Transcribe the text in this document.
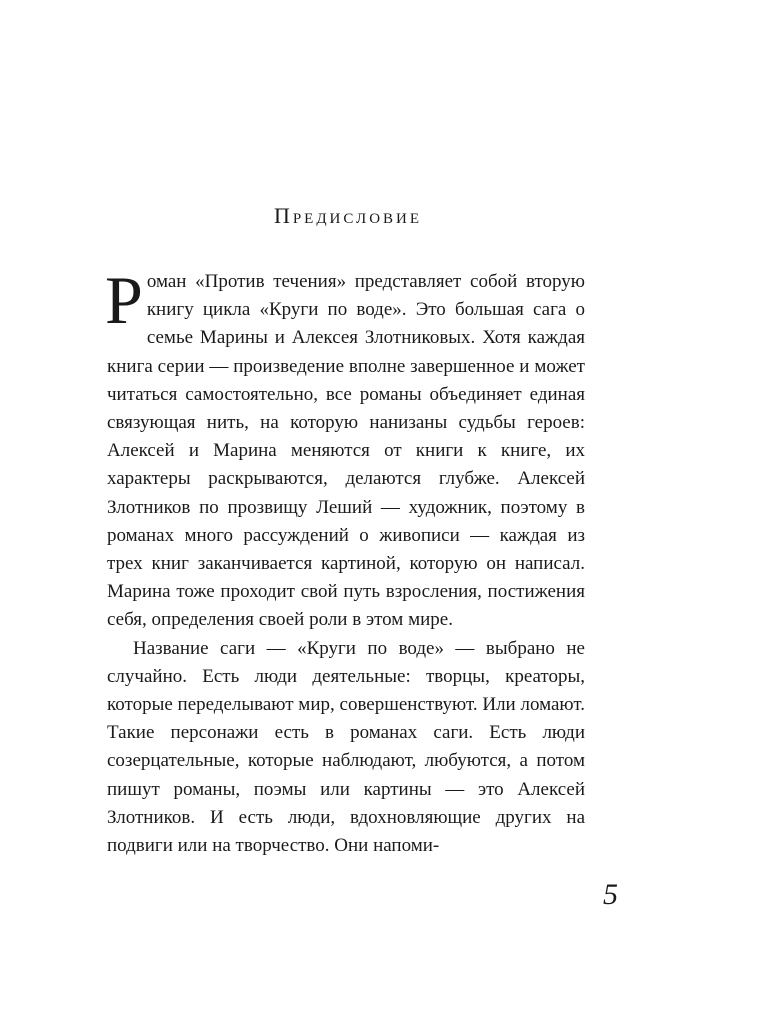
Предисловие

Роман «Против течения» представляет собой вторую книгу цикла «Круги по воде». Это большая сага о семье Марины и Алексея Злотниковых. Хотя каждая книга серии — произведение вполне завершенное и может читаться самостоятельно, все романы объединяет единая связующая нить, на которую нанизаны судьбы героев: Алексей и Марина меняются от книги к книге, их характеры раскрываются, делаются глубже. Алексей Злотников по прозвищу Леший — художник, поэтому в романах много рассуждений о живописи — каждая из трех книг заканчивается картиной, которую он написал. Марина тоже проходит свой путь взросления, постижения себя, определения своей роли в этом мире.

Название саги — «Круги по воде» — выбрано не случайно. Есть люди деятельные: творцы, креаторы, которые переделывают мир, совершенствуют. Или ломают. Такие персонажи есть в романах саги. Есть люди созерцательные, которые наблюдают, любуются, а потом пишут романы, поэмы или картины — это Алексей Злотников. И есть люди, вдохновляющие других на подвиги или на творчество. Они напоми-

5
